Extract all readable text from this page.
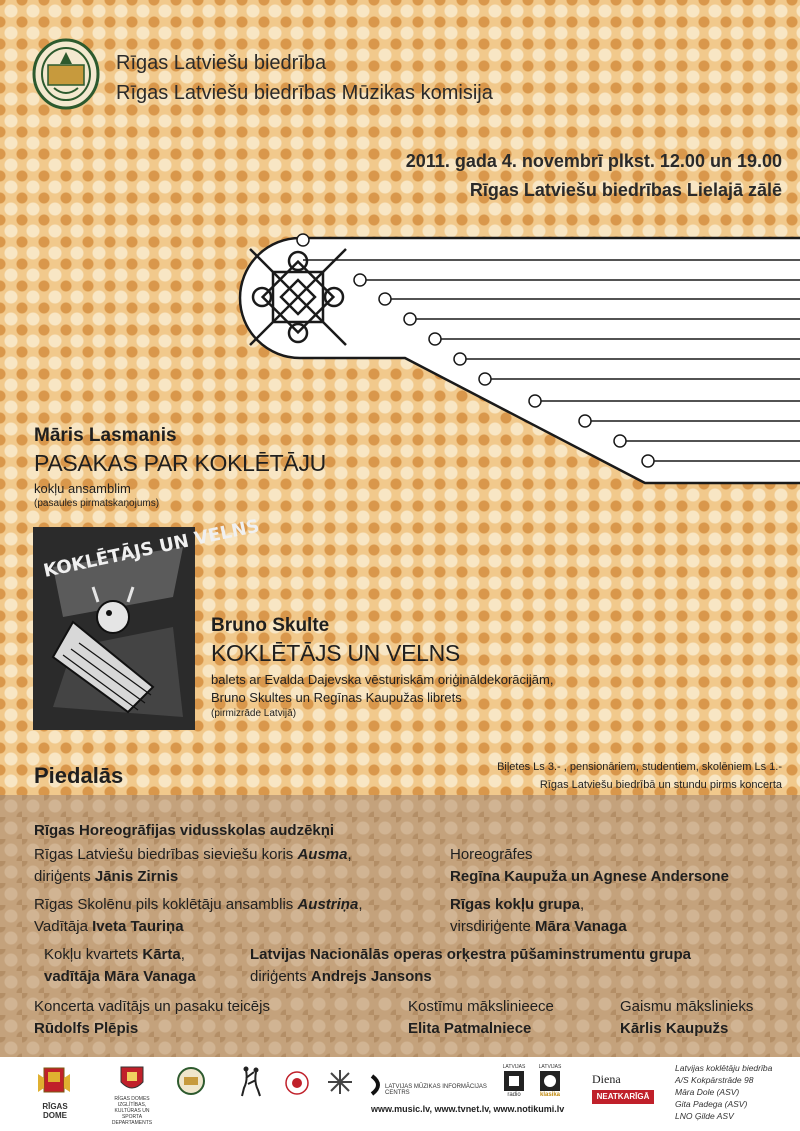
Rīgas Latviešu biedrība
Rīgas Latviešu biedrības Mūzikas komisija
2011. gada 4. novembrī plkst. 12.00 un 19.00
Rīgas Latviešu biedrības Lielajā zālē
Māris Lasmanis
PASAKAS PAR KOKLĒTĀJU
kokļu ansamblim
(pasaules pirmatskaņojums)
KOKLĒTĀJS UN VELNS
Bruno Skulte
KOKLĒTĀJS UN VELNS
balets ar Evalda Dajevska vēsturiskām oriģināldekorācijām,
Bruno Skultes un Regīnas Kaupužas librets
(pirmizrāde Latvijā)
Piedalās	Biļetes Ls 3.- , pensionāriem, studentiem, skolēniem Ls 1.-
Rīgas Latviešu biedrībā un stundu pirms koncerta
Rīgas Horeogrāfijas vidusskolas audzēkņi
Rīgas Latviešu biedrības sieviešu koris Ausma,
diriģents Jānis Zirnis
Horeogrāfes
Regīna Kaupuža un Agnese Andersone
Rīgas Skolēnu pils koklētāju ansamblis Austriņa,
Vadītāja Iveta Tauriņa
Rīgas kokļu grupa,
virsdiriģente Māra Vanaga
Kokļu kvartets Kārta,
vadītāja Māra Vanaga
Latvijas Nacionālās operas orķestra pūšaminstrumentu grupa
diriģents Andrejs Jansons
Koncerta vadītājs un pasaku teicējs
Rūdolfs Plēpis
Kostīmu mākslinieece
Elita Patmalniece
Gaismu mākslinieks
Kārlis Kaupužs
RĪGAS DOME
RĪGAS DOMES IZGLĪTĪBAS, KULTŪRAS UN SPORTA DEPARTAMENTS
LATVIJAS MŪZIKAS INFORMĀCIJAS CENTRS
LATVIJAS
radio
LATVIJAS
klasika
Diena
NEATKARĪGĀ
www.music.lv, www.tvnet.lv, www.notikumi.lv
Latvijas koklētāju biedrība
A/S Kokpārstrāde 98
Māra Dole (ASV)
Gita Padega (ASV)
LNO Ģilde ASV
